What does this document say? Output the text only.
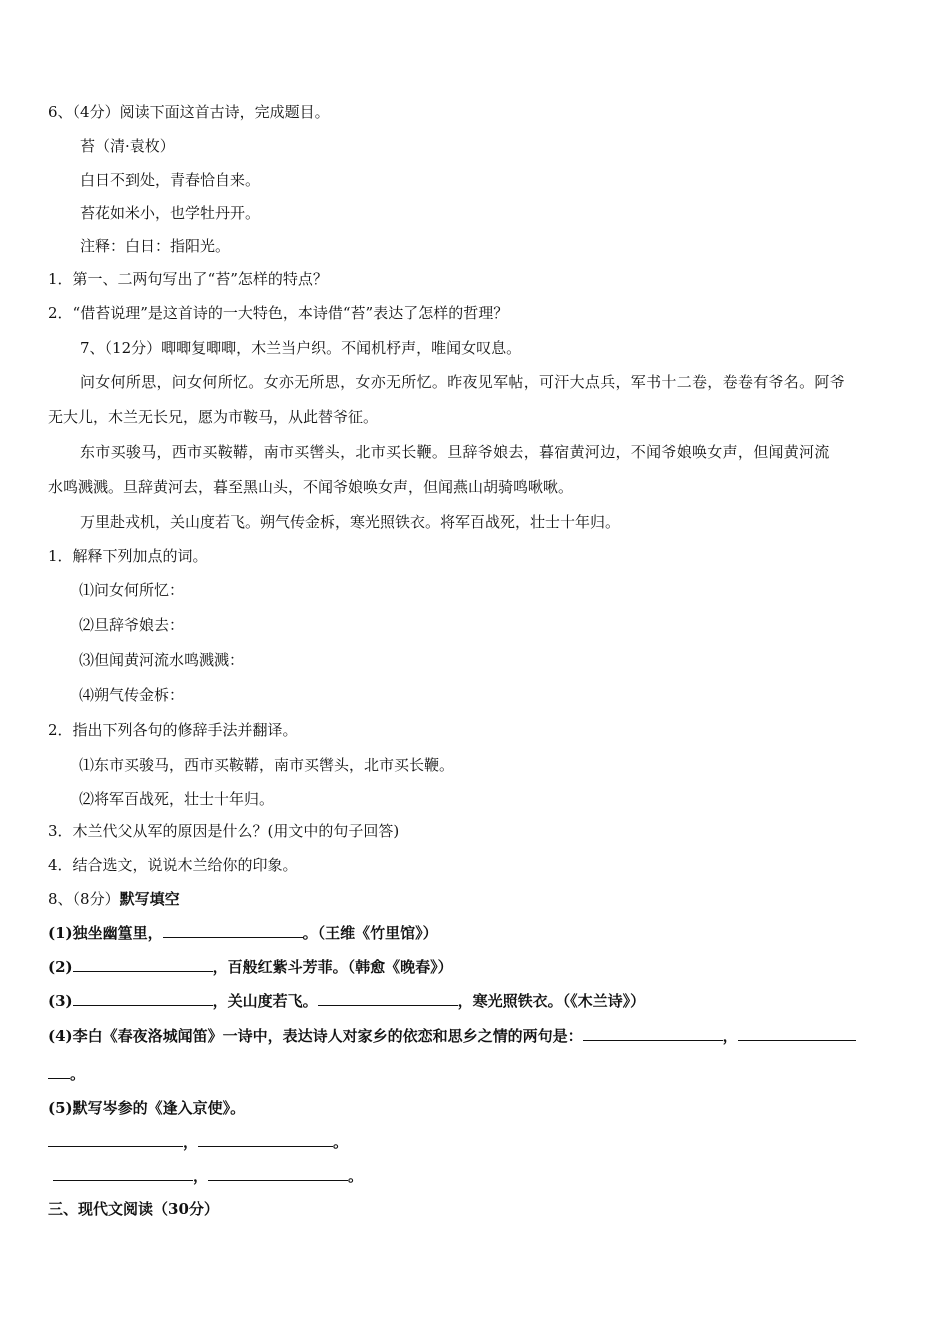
6、（4分）阅读下面这首古诗，完成题目。
苔（清·袁枚）
白日不到处，青春恰自来。
苔花如米小，也学牡丹开。
注释：白日：指阳光。
1．第一、二两句写出了“苔”怎样的特点？
2．“借苔说理”是这首诗的一大特色，本诗借“苔”表达了怎样的哲理？
7、（12分）唧唧复唧唧，木兰当户织。不闻机杼声，唯闻女叹息。
问女何所思，问女何所忆。女亦无所思，女亦无所忆。昨夜见军帖，可汗大点兵，军书十二卷，卷卷有爷名。阿爷
无大儿，木兰无长兄，愿为市鞍马，从此替爷征。
东市买骏马，西市买鞍鞯，南市买辔头，北市买长鞭。旦辞爷娘去，暮宿黄河边，不闻爷娘唤女声，但闻黄河流
水鸣溅溅。旦辞黄河去，暮至黑山头，不闻爷娘唤女声，但闻燕山胡骑鸣啾啾。
万里赴戎机，关山度若飞。朔气传金柝，寒光照铁衣。将军百战死，壮士十年归。
1．解释下列加点的词。
⑴问女何所忆：
⑵旦辞爷娘去：
⑶但闻黄河流水鸣溅溅：
⑷朔气传金柝：
2．指出下列各句的修辞手法并翻译。
⑴东市买骏马，西市买鞍鞯，南市买辔头，北市买长鞭。
⑵将军百战死，壮士十年归。
3．木兰代父从军的原因是什么？(用文中的句子回答)
4．结合选文，说说木兰给你的印象。
8、（8分）默写填空
(1)独坐幽篁里，	。（王维《竹里馆》）
(2)	，百般红紫斗芳菲。（韩愈《晚春》）
(3)	，关山度若飞。	，寒光照铁衣。（《木兰诗》）
(4)李白《春夜洛城闻笛》一诗中，表达诗人对家乡的依恋和思乡之情的两句是：	，
。
(5)默写岑参的《逢入京使》。
，	。
，	。
三、现代文阅读（30分）
